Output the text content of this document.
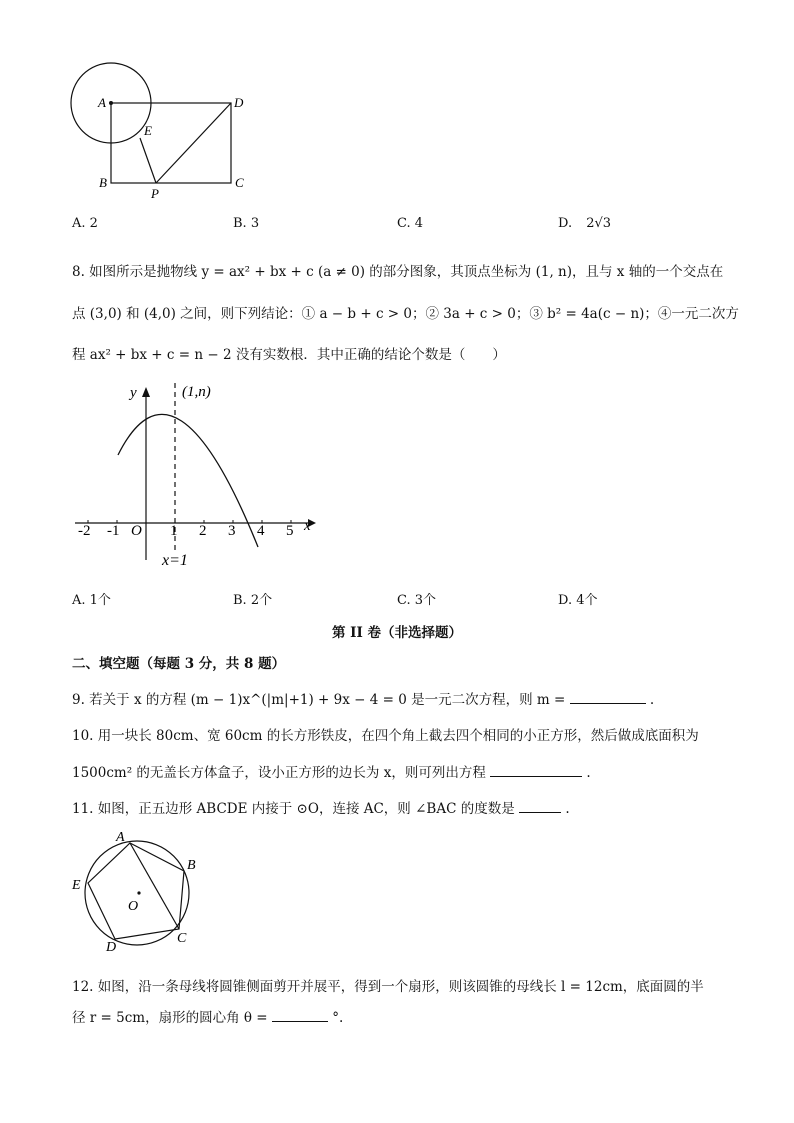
A	D
E
B	C
P
A. 2	B. 3	C. 4	D. 2√3
8. 如图所示是抛物线 y = ax² + bx + c (a ≠ 0) 的部分图象，其顶点坐标为 (1, n)，且与 x 轴的一个交点在
点 (3,0) 和 (4,0) 之间，则下列结论：① a − b + c > 0；② 3a + c > 0；③ b² = 4a(c − n)；④一元二次方
程 ax² + bx + c = n − 2 没有实数根．其中正确的结论个数是（　　）
y	(1,n)
-2 -1 O 1 2 3 4 5 x
x=1
A. 1个	B. 2个	C. 3个	D. 4个
第 II 卷（非选择题）
二、填空题（每题 3 分，共 8 题）
9. 若关于 x 的方程 (m − 1)x^(|m|+1) + 9x − 4 = 0 是一元二次方程，则 m =	.
10. 用一块长 80cm、宽 60cm 的长方形铁皮，在四个角上截去四个相同的小正方形，然后做成底面积为
1500cm² 的无盖长方体盒子，设小正方形的边长为 x，则可列出方程	.
11. 如图，正五边形 ABCDE 内接于 ⊙O，连接 AC，则 ∠BAC 的度数是	.
A
B
C
D
E
O
12. 如图，沿一条母线将圆锥侧面剪开并展平，得到一个扇形，则该圆锥的母线长 l = 12cm，底面圆的半
径 r = 5cm，扇形的圆心角 θ =	°.
